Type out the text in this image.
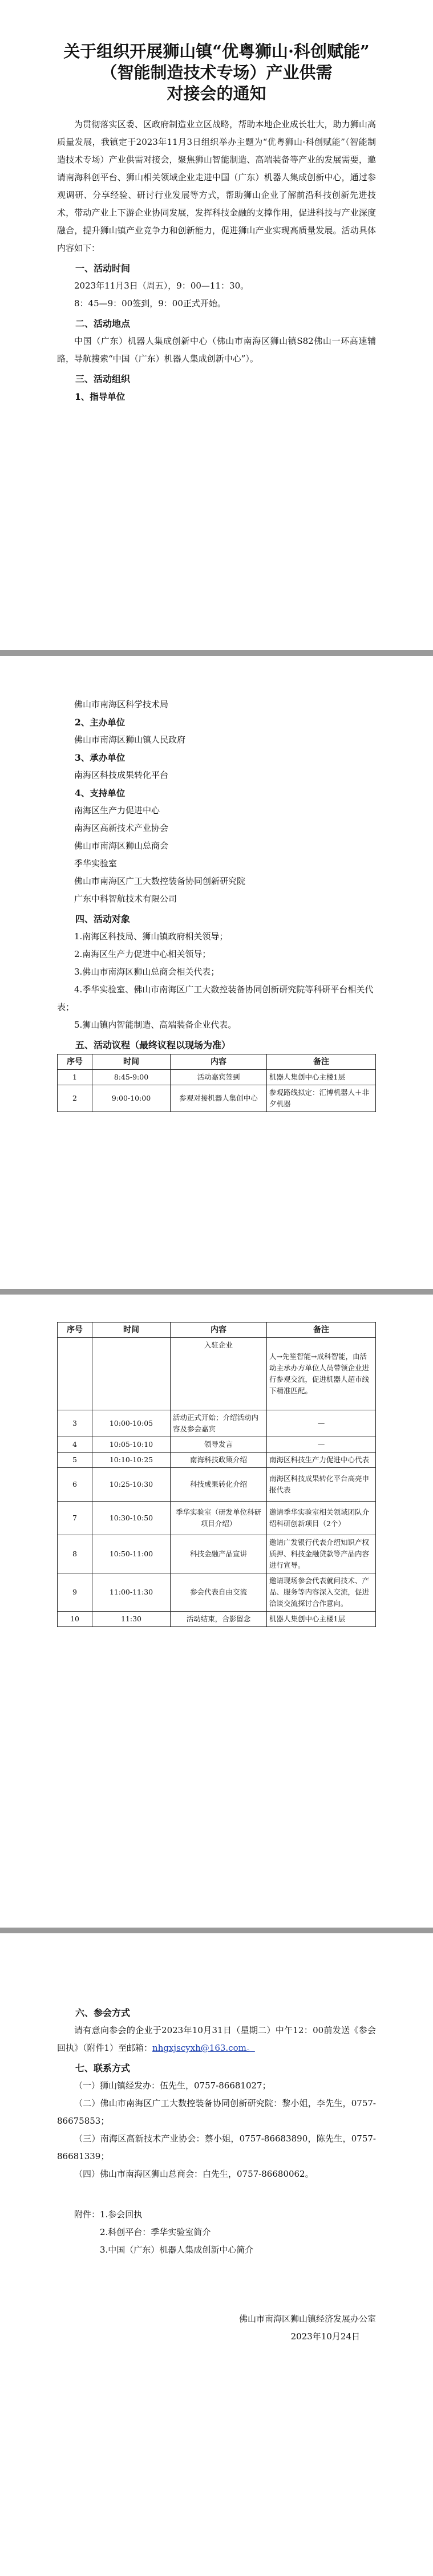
关于组织开展狮山镇“优粤狮山·科创赋能”
（智能制造技术专场）产业供需
对接会的通知

为贯彻落实区委、区政府制造业立区战略，帮助本地企业成长壮大，助力狮山高质量发展，我镇定于2023年11月3日组织举办主题为“优粤狮山·科创赋能”（智能制造技术专场）产业供需对接会，聚焦狮山智能制造、高端装备等产业的发展需要，邀请南海科创平台、狮山相关领域企业走进中国（广东）机器人集成创新中心，通过参观调研、分享经验、研讨行业发展等方式，帮助狮山企业了解前沿科技创新先进技术，带动产业上下游企业协同发展，发挥科技金融的支撑作用，促进科技与产业深度融合，提升狮山镇产业竞争力和创新能力，促进狮山产业实现高质量发展。活动具体内容如下：

一、活动时间

2023年11月3日（周五），9：00—11：30。

8：45—9：00签到，9：00正式开始。

二、活动地点

中国（广东）机器人集成创新中心（佛山市南海区狮山镇S82佛山一环高速辅路，导航搜索“中国（广东）机器人集成创新中心”）。

三、活动组织
1、指导单位

佛山市南海区科学技术局

2、主办单位

佛山市南海区狮山镇人民政府

3、承办单位

南海区科技成果转化平台

4、支持单位

南海区生产力促进中心

南海区高新技术产业协会

佛山市南海区狮山总商会

季华实验室

佛山市南海区广工大数控装备协同创新研究院

广东中科智航技术有限公司

四、活动对象

1.南海区科技局、狮山镇政府相关领导；

2.南海区生产力促进中心相关领导；

3.佛山市南海区狮山总商会相关代表；

4.季华实验室、佛山市南海区广工大数控装备协同创新研究院等科研平台相关代表；

5.狮山镇内智能制造、高端装备企业代表。

五、活动议程（最终议程以现场为准）
序号	时间	内容	备注
1	8:45-9:00	活动嘉宾签到	机器人集创中心主楼1层
2	9:00-10:00	参观对接机器人集创中心	参观路线拟定：汇博机器人＋非夕机器
序号	时间	内容	备注
		入驻企业	人→先笙智能→成科智能，由活动主承办方单位人员带领企业进行参观交流，促进机器人超市线下精准匹配。
3	10:00-10:05	活动正式开始；介绍活动内容及参会嘉宾	—
4	10:05-10:10	领导发言	—
5	10:10-10:25	南海科技政策介绍	南海区科技生产力促进中心代表
6	10:25-10:30	科技成果转化介绍	南海区科技成果转化平台高亮申报代表
7	10:30-10:50	季华实验室（研发单位科研项目介绍）	邀请季华实验室相关领域团队介绍科研创新项目（2个）
8	10:50-11:00	科技金融产品宣讲	邀请广发银行代表介绍知识产权质押、科技金融贷款等产品内容进行宣导。
9	11:00-11:30	参会代表自由交流	邀请现场参会代表就问技术、产品、服务等内容深入交流，促进洽谈交流探讨合作意向。
10	11:30	活动结束，合影留念	机器人集创中心主楼1层
六、参会方式

请有意向参会的企业于2023年10月31日（星期二）中午12：00前发送《参会回执》（附件1）至邮箱：nhgxjscyxh@163.com。

七、联系方式

（一）狮山镇经发办：伍先生，0757-86681027；

（二）佛山市南海区广工大数控装备协同创新研究院：黎小姐，李先生，0757-86675853；

（三）南海区高新技术产业协会：蔡小姐，0757-86683890，陈先生，0757-86681339；

（四）佛山市南海区狮山总商会：白先生，0757-86680062。

附件：1.参会回执

2.科创平台：季华实验室简介

3.中国（广东）机器人集成创新中心简介

佛山市南海区狮山镇经济发展办公室

2023年10月24日
